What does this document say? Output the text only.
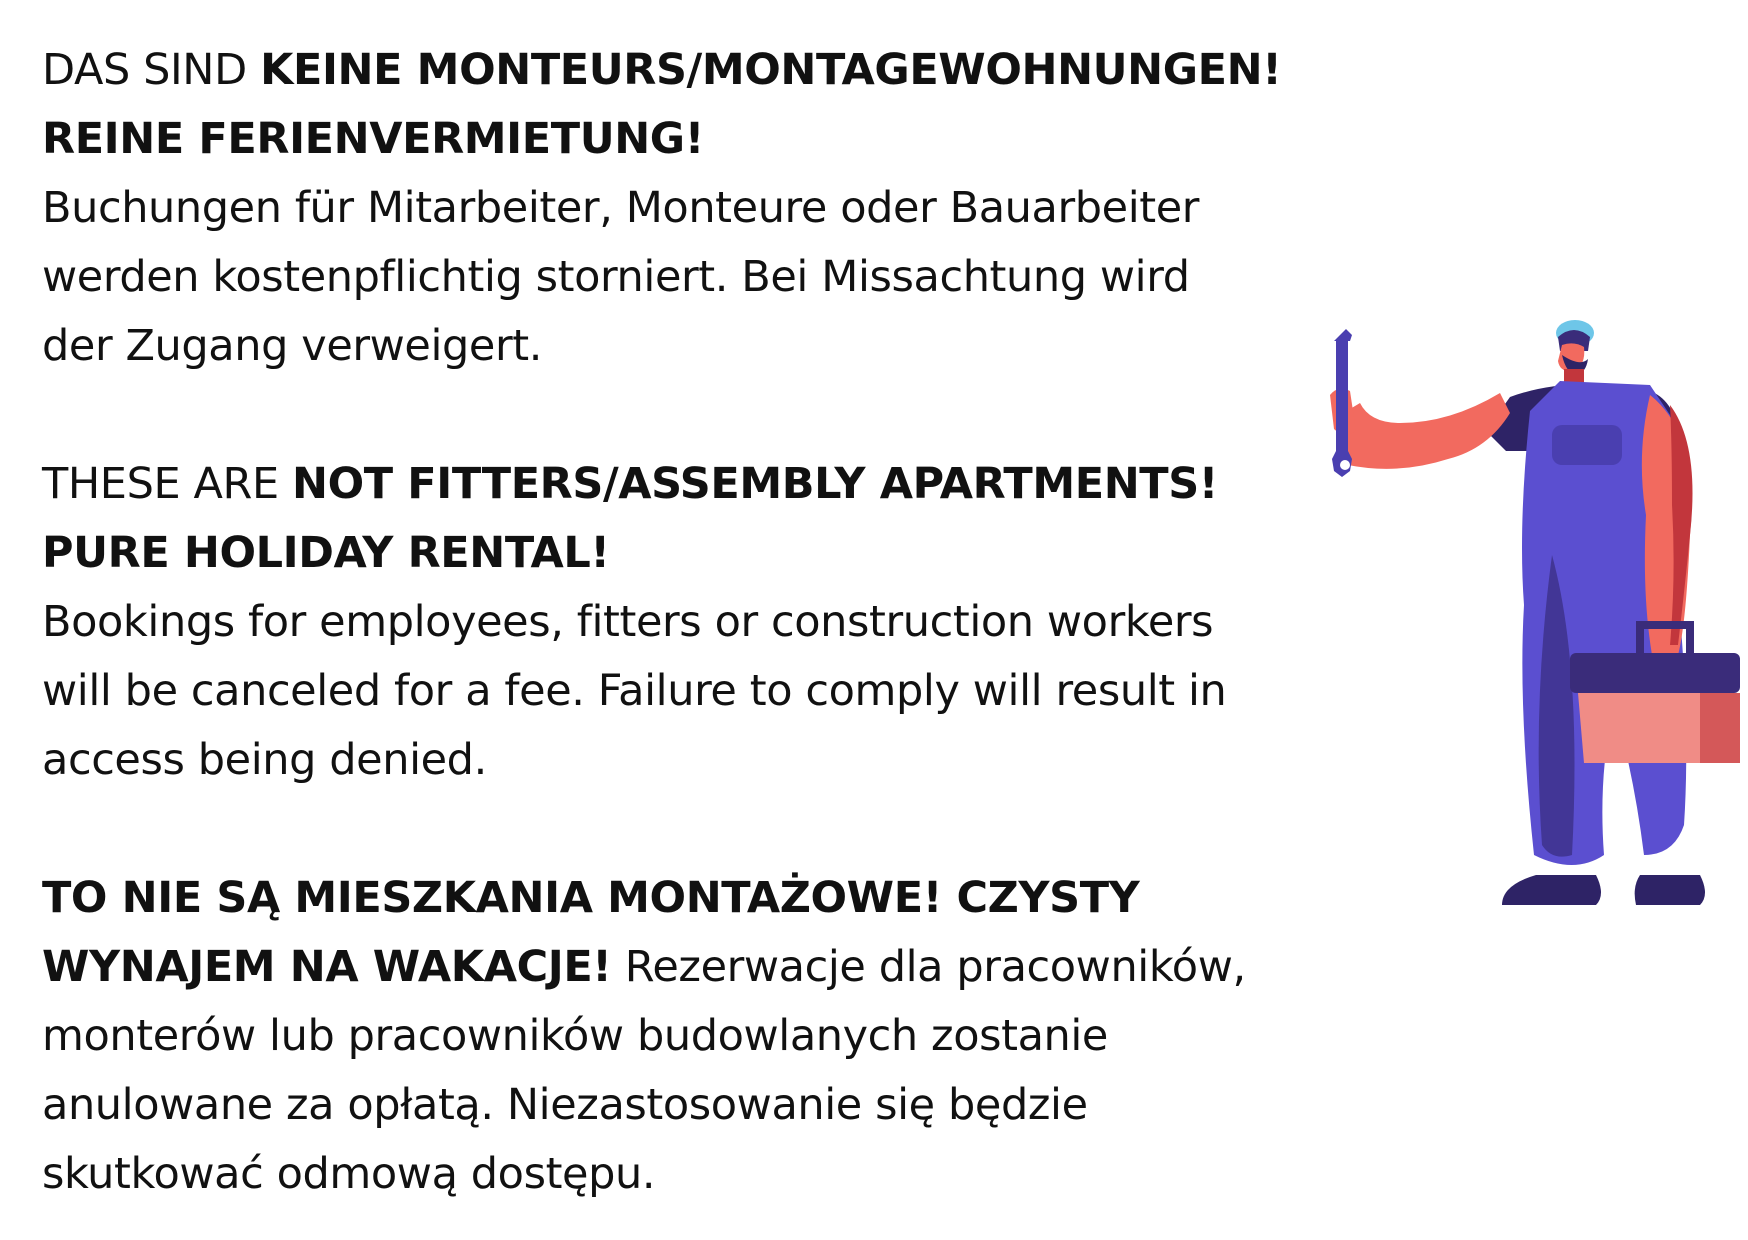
DAS SIND KEINE MONTEURS/MONTAGEWOHNUNGEN!

REINE FERIENVERMIETUNG!

Buchungen für Mitarbeiter, Monteure oder Bauarbeiter

werden kostenpflichtig storniert. Bei Missachtung wird

der Zugang verweigert.

THESE ARE NOT FITTERS/ASSEMBLY APARTMENTS!

PURE HOLIDAY RENTAL!

Bookings for employees, fitters or construction workers

will be canceled for a fee. Failure to comply will result in

access being denied.

TO NIE SĄ MIESZKANIA MONTAŻOWE! CZYSTY

WYNAJEM NA WAKACJE! Rezerwacje dla pracowników,

monterów lub pracowników budowlanych zostanie

anulowane za opłatą. Niezastosowanie się będzie

skutkować odmową dostępu.
